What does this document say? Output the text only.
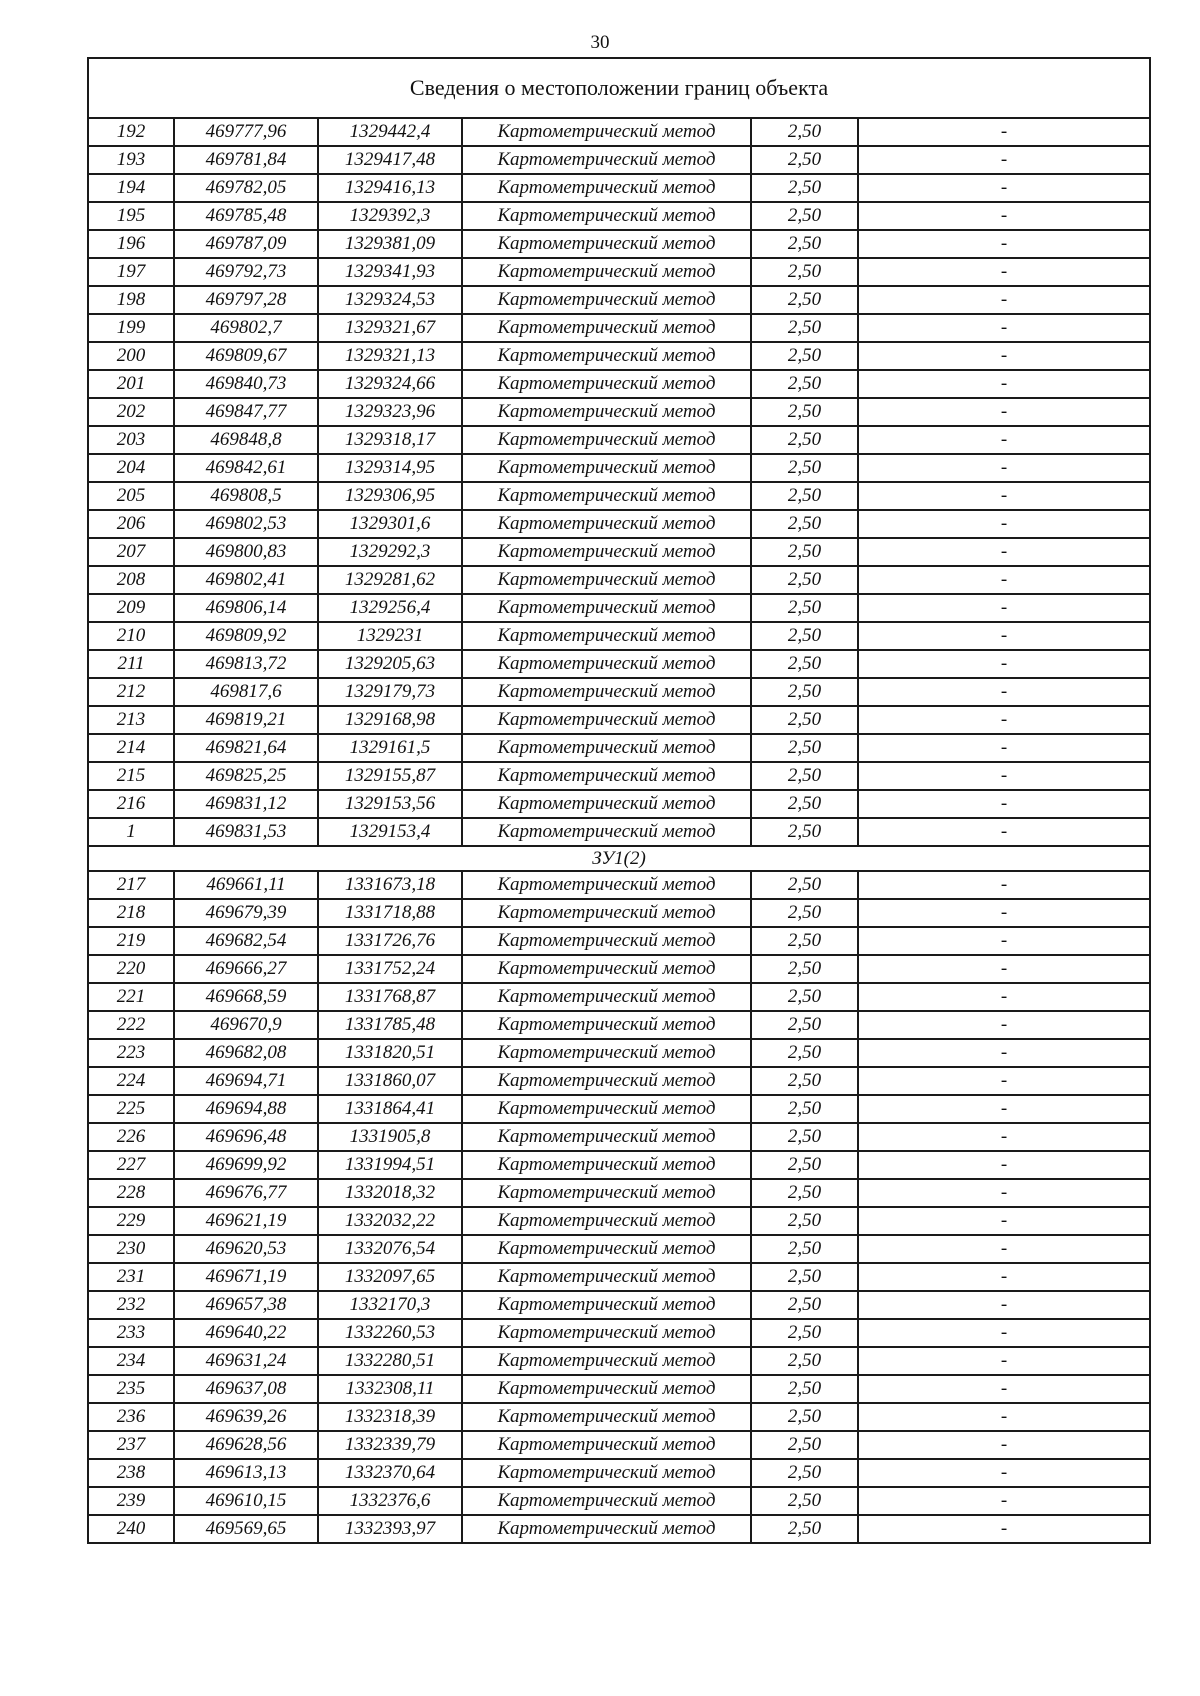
30
Сведения о местоположении границ объекта					
192	469777,96	1329442,4	Картометрический метод	2,50	-
193	469781,84	1329417,48	Картометрический метод	2,50	-
194	469782,05	1329416,13	Картометрический метод	2,50	-
195	469785,48	1329392,3	Картометрический метод	2,50	-
196	469787,09	1329381,09	Картометрический метод	2,50	-
197	469792,73	1329341,93	Картометрический метод	2,50	-
198	469797,28	1329324,53	Картометрический метод	2,50	-
199	469802,7	1329321,67	Картометрический метод	2,50	-
200	469809,67	1329321,13	Картометрический метод	2,50	-
201	469840,73	1329324,66	Картометрический метод	2,50	-
202	469847,77	1329323,96	Картометрический метод	2,50	-
203	469848,8	1329318,17	Картометрический метод	2,50	-
204	469842,61	1329314,95	Картометрический метод	2,50	-
205	469808,5	1329306,95	Картометрический метод	2,50	-
206	469802,53	1329301,6	Картометрический метод	2,50	-
207	469800,83	1329292,3	Картометрический метод	2,50	-
208	469802,41	1329281,62	Картометрический метод	2,50	-
209	469806,14	1329256,4	Картометрический метод	2,50	-
210	469809,92	1329231	Картометрический метод	2,50	-
211	469813,72	1329205,63	Картометрический метод	2,50	-
212	469817,6	1329179,73	Картометрический метод	2,50	-
213	469819,21	1329168,98	Картометрический метод	2,50	-
214	469821,64	1329161,5	Картометрический метод	2,50	-
215	469825,25	1329155,87	Картометрический метод	2,50	-
216	469831,12	1329153,56	Картометрический метод	2,50	-
1	469831,53	1329153,4	Картометрический метод	2,50	-
ЗУ1(2)					
217	469661,11	1331673,18	Картометрический метод	2,50	-
218	469679,39	1331718,88	Картометрический метод	2,50	-
219	469682,54	1331726,76	Картометрический метод	2,50	-
220	469666,27	1331752,24	Картометрический метод	2,50	-
221	469668,59	1331768,87	Картометрический метод	2,50	-
222	469670,9	1331785,48	Картометрический метод	2,50	-
223	469682,08	1331820,51	Картометрический метод	2,50	-
224	469694,71	1331860,07	Картометрический метод	2,50	-
225	469694,88	1331864,41	Картометрический метод	2,50	-
226	469696,48	1331905,8	Картометрический метод	2,50	-
227	469699,92	1331994,51	Картометрический метод	2,50	-
228	469676,77	1332018,32	Картометрический метод	2,50	-
229	469621,19	1332032,22	Картометрический метод	2,50	-
230	469620,53	1332076,54	Картометрический метод	2,50	-
231	469671,19	1332097,65	Картометрический метод	2,50	-
232	469657,38	1332170,3	Картометрический метод	2,50	-
233	469640,22	1332260,53	Картометрический метод	2,50	-
234	469631,24	1332280,51	Картометрический метод	2,50	-
235	469637,08	1332308,11	Картометрический метод	2,50	-
236	469639,26	1332318,39	Картометрический метод	2,50	-
237	469628,56	1332339,79	Картометрический метод	2,50	-
238	469613,13	1332370,64	Картометрический метод	2,50	-
239	469610,15	1332376,6	Картометрический метод	2,50	-
240	469569,65	1332393,97	Картометрический метод	2,50	-
